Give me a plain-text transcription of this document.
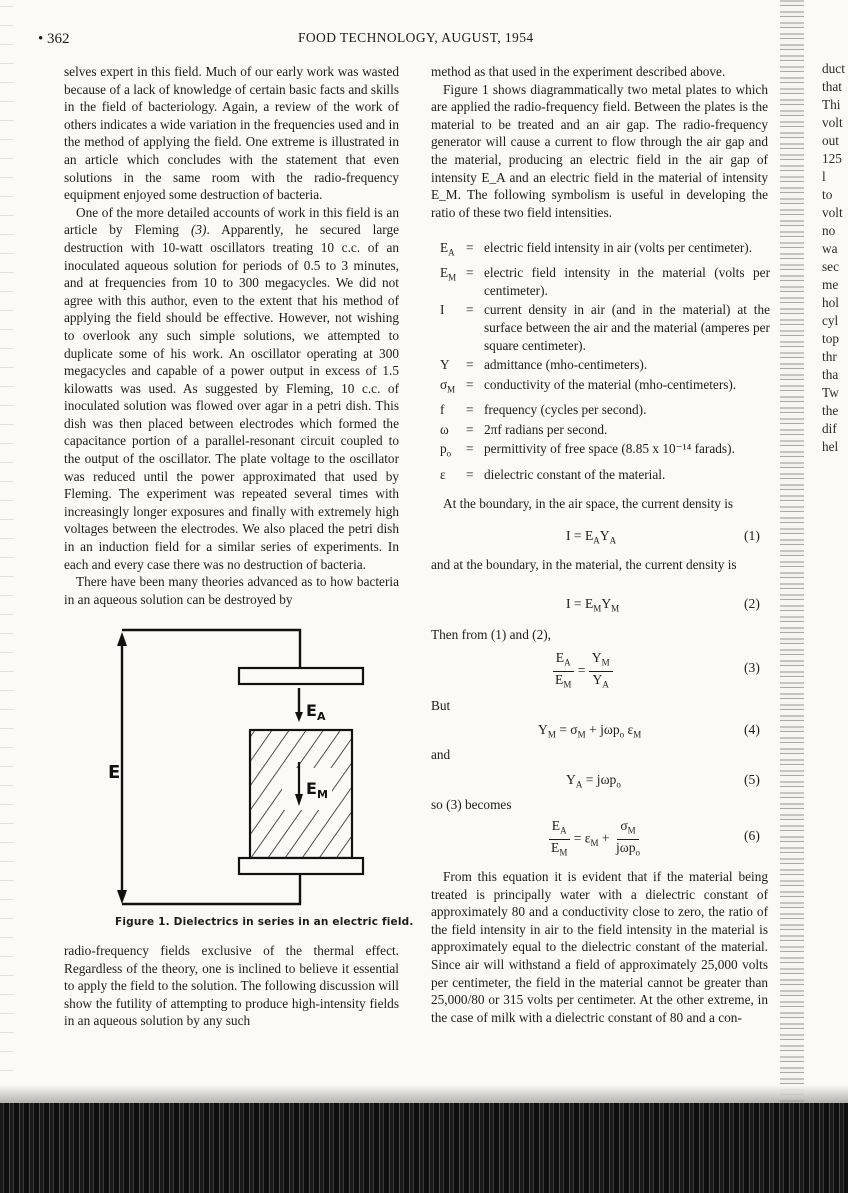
• 362	FOOD TECHNOLOGY, AUGUST, 1954

selves expert in this field. Much of our early work was wasted because of a lack of knowledge of certain basic facts and skills in the field of bacteriology. Again, a review of the work of others indicates a wide variation in the frequencies used and in the method of applying the field. One extreme is illustrated in an article which concludes with the statement that even solutions in the same room with the radio-frequency equipment enjoyed some destruction of bacteria.

One of the more detailed accounts of work in this field is an article by Fleming (3). Apparently, he secured large destruction with 10-watt oscillators treating 10 c.c. of an inoculated aqueous solution for periods of 0.5 to 3 minutes, and at frequencies from 10 to 300 megacycles. We did not agree with this author, even to the extent that his method of applying the field should be effective. However, not wishing to overlook any such simple solutions, we attempted to duplicate some of his work. An oscillator operating at 300 megacycles and capable of a power output in excess of 1.5 kilowatts was used. As suggested by Fleming, 10 c.c. of inoculated solution was flowed over agar in a petri dish. This dish was then placed between electrodes which formed the capacitance portion of a parallel-resonant circuit coupled to the output of the oscillator. The plate voltage to the oscillator was reduced until the power approximated that used by Fleming. The experiment was repeated several times with increasingly longer exposures and finally with extremely high voltages between the electrodes. We also placed the petri dish in an induction field for a similar series of experiments. In each and every case there was no destruction of bacteria.

There have been many theories advanced as to how bacteria in an aqueous solution can be destroyed by

E
$E_A$
$E_M$
Figure 1. Dielectrics in series in an electric field.

radio-frequency fields exclusive of the thermal effect. Regardless of the theory, one is inclined to believe it essential to apply the field to the solution. The following discussion will show the futility of attempting to produce high-intensity fields in an aqueous solution by any such

method as that used in the experiment described above.

Figure 1 shows diagrammatically two metal plates to which are applied the radio-frequency field. Between the plates is the material to be treated and an air gap. The radio-frequency generator will cause a current to flow through the air gap and the material, producing an electric field in the air gap of intensity E_A and an electric field in the material of intensity E_M. The following symbolism is useful in developing the ratio of these two field intensities.

$E_A$ = electric field intensity in air (volts per centimeter).
$E_M$ = electric field intensity in the material (volts per centimeter).
I	= current density in air (and in the material) at the surface between the air and the material (amperes per square centimeter).
Y	= admittance (mho-centimeters).
$\sigma_M$ = conductivity of the material (mho-centimeters).
f	= frequency (cycles per second).
ω	= 2πf radians per second.
$p_o$	= permittivity of free space (8.85 x 10⁻¹⁴ farads).
ε	= dielectric constant of the material.
At the boundary, in the air space, the current density is
$I = E_AY_A$	(1)
and at the boundary, in the material, the current density is
$I = E_MY_M$	(2)
Then from (1) and (2),
$\frac{E_A}{E_M} = \frac{Y_M}{Y_A}$	(3)
But
$Y_M = \sigma_M + j\omega p_o$ $\varepsilon_M$	(4)
and
$Y_A = j\omega p_o$	(5)
so (3) becomes
$\frac{E_A}{E_M} = \varepsilon_M + \frac{\sigma_M}{j\omega p_o}$	(6)
From this equation it is evident that if the material being treated is principally water with a dielectric constant of approximately 80 and a conductivity close to zero, the ratio of the field intensity in air to the field intensity in the material is approximately equal to the dielectric constant of the material. Since air will withstand a field of approximately 25,000 volts per centimeter, the field in the material cannot be greater than 25,000/80 or 315 volts per centimeter. At the other extreme, in the case of milk with a dielectric constant of 80 and a con-
duct
that
Thi
volt
out
125
l
to
volt
no
wa
sec
me
hol
cyl
top
thr
tha
Tw
the
dif
hel
